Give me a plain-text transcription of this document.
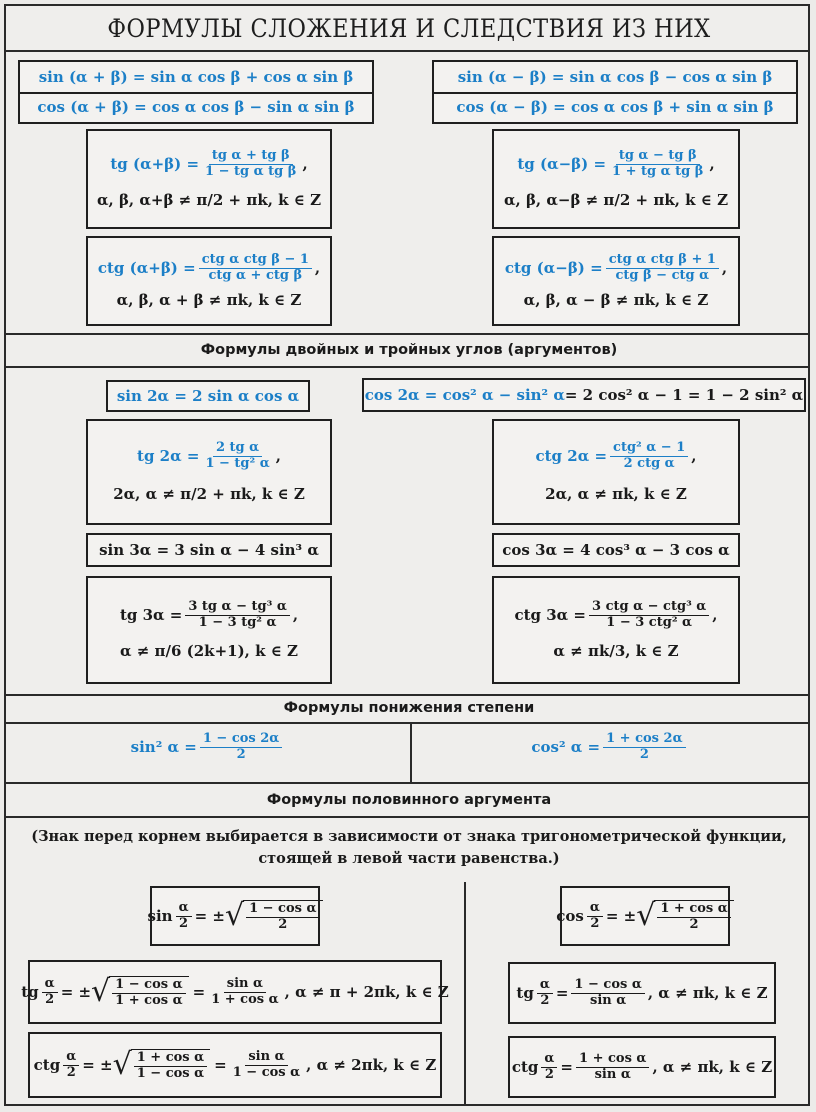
ФОРМУЛЫ СЛОЖЕНИЯ И СЛЕДСТВИЯ ИЗ НИХ
sin (α + β) = sin α cos β + cos α sin β
cos (α + β) = cos α cos β − sin α sin β
sin (α − β) = sin α cos β − cos α sin β
cos (α − β) = cos α cos β + sin α sin β
tg $(\alpha+\beta) = \frac{\text{tg α + tg β}}{\text{1 − tg α tg β}}$ ,
α, β, α+β ≠ π/2 + πk, k ∈ Z
tg $(\alpha-\beta) = \frac{\text{tg α − tg β}}{\text{1 + tg α tg β}}$ ,
α, β, α−β ≠ π/2 + πk, k ∈ Z
ctg $(\alpha+\beta) = \frac{\text{ctg α ctg β − 1}}{\text{ctg α + ctg β}}$ ,
α, β, α + β ≠ πk, k ∈ Z
ctg $(\alpha-\beta) = \frac{\text{ctg α ctg β + 1}}{\text{ctg β − ctg α}}$ ,
α, β, α − β ≠ πk, k ∈ Z
Формулы двойных и тройных углов (аргументов)
sin 2α = 2 sin α cos α	cos 2α = cos² α − sin² α = 2 cos² α − 1 = 1 − 2 sin² α
tg $2\alpha = \frac{\text{2 tg α}}{\text{1 − tg² α}}$ ,
2α, α ≠ π/2 + πk, k ∈ Z
ctg $2\alpha = \frac{\text{ctg² α − 1}}{\text{2 ctg α}}$ ,
2α, α ≠ πk, k ∈ Z
sin 3α = 3 sin α − 4 sin³ α	cos 3α = 4 cos³ α − 3 cos α
tg $3\alpha = \frac{\text{3 tg α − tg³ α}}{\text{1 − 3 tg² α}}$ ,
α ≠ π/6 (2k+1), k ∈ Z
ctg $3\alpha = \frac{\text{3 ctg α − ctg³ α}}{\text{1 − 3 ctg² α}}$ ,
α ≠ πk/3, k ∈ Z
Формулы понижения степени
sin² $\alpha = \frac{1 - \cos 2\alpha}{2}$	cos² $\alpha = \frac{1 + \cos 2\alpha}{2}$
Формулы половинного аргумента
(Знак перед корнем выбирается в зависимости от знака тригонометрической функции,
стоящей в левой части равенства.)
$\sin \frac{\alpha}{2}$ = ± √ $\frac{\text{1 − cos α}}{2}$	$\cos \frac{\alpha}{2}$ = ± √ $\frac{\text{1 + cos α}}{2}$
tg $\frac{\alpha}{2}$ = ± √ $\frac{\text{1 − cos α}}{\text{1 + cos α}} = \frac{\text{sin α}}{\text{1 + cos α}}$ , α ≠ π + 2πk, k ∈ Z
ctg $\frac{\alpha}{2}$ = ± √ $\frac{\text{1 + cos α}}{\text{1 − cos α}} = \frac{\text{sin α}}{\text{1 − cos α}}$ , α ≠ 2πk, k ∈ Z
tg $\frac{\alpha}{2} = \frac{\text{1 − cos α}}{\text{sin α}}$ , α ≠ πk, k ∈ Z
ctg $\frac{\alpha}{2} = \frac{\text{1 + cos α}}{\text{sin α}}$ , α ≠ πk, k ∈ Z
